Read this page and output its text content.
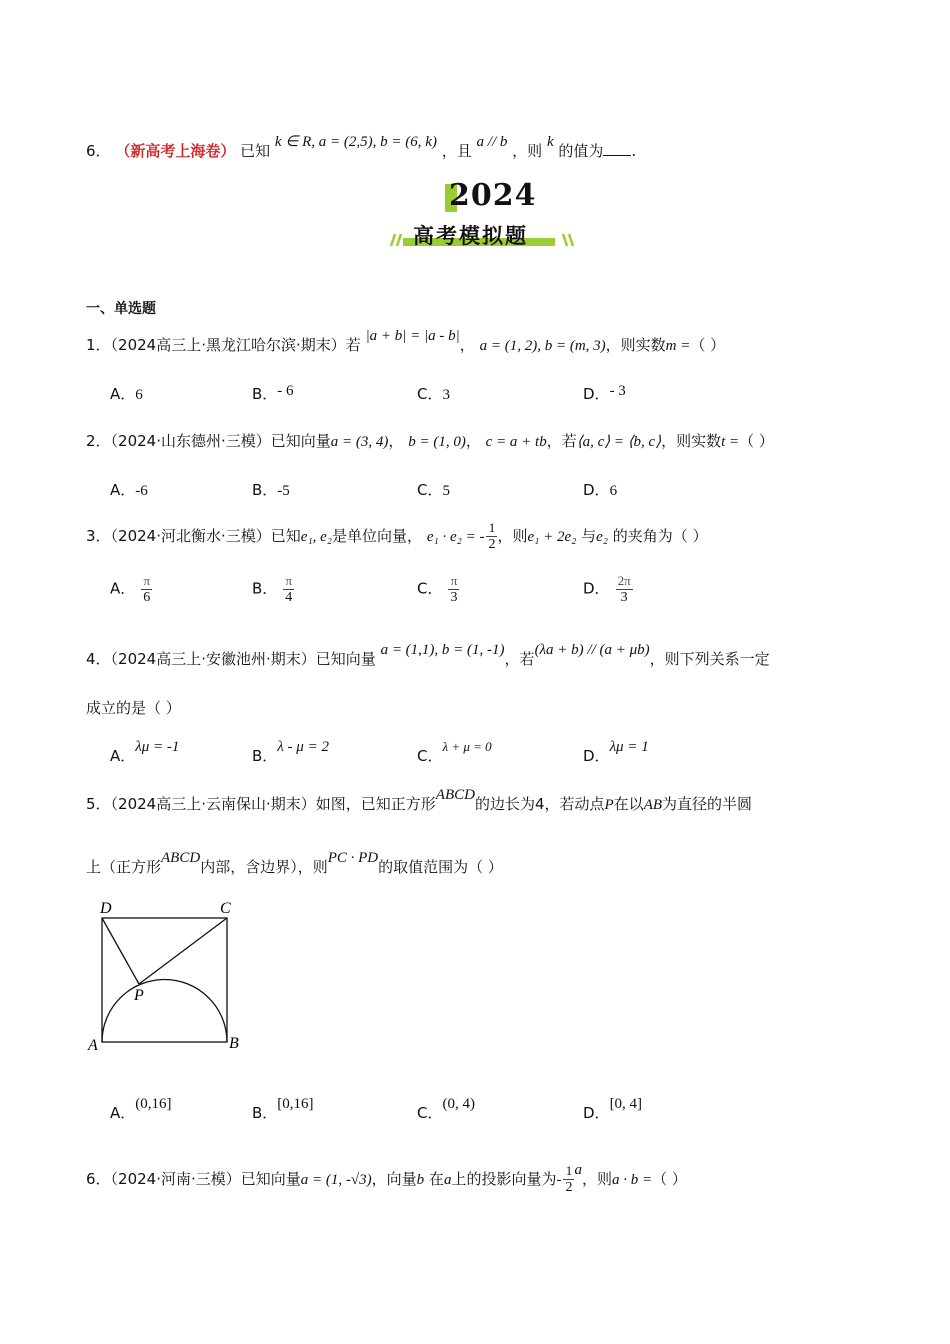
6． （新高考上海卷） 已知 k ∈ R, a = (2,5), b = (6, k) ，且 a // b ，则 k 的值为 .
2024
高考模拟题
一、单选题
1．（2024高三上·黑龙江哈尔滨·期末）若 |a + b| = |a - b|， a = (1, 2), b = (m, 3)，则实数m =（ ）
A．6	B．- 6	C．3	D．- 3
2．（2024·山东德州·三模）已知向量a = (3, 4)， b = (1, 0)， c = a + tb，若⟨a, c⟩ = ⟨b, c⟩，则实数t =（ ）
A．-6	B．-5	C．5	D．6
3．（2024·河北衡水·三模）已知e₁, e₂是单位向量， e₁ · e₂ = - $\frac{1}{2}$ ，则e₁ + 2e₂ 与e₂ 的夹角为（ ）
A． $\frac{\pi}{6}$	B． $\frac{\pi}{4}$	C． $\frac{\pi}{3}$	D． $\frac{2\pi}{3}$
4．（2024高三上·安徽池州·期末）已知向量 a = (1,1), b = (1, -1)，若(λa + b) // (a + μb)，则下列关系一定
成立的是（ ）
A．λμ = -1	B．λ - μ = 2	C．λ + μ = 0
D．λμ = 1
5．（2024高三上·云南保山·期末）如图，已知正方形ABCD的边长为4，若动点P在以AB为直径的半圆
上（正方形ABCD内部，含边界），则PC · PD的取值范围为（ ）
D	C
P
A	B
A．(0,16]	B．[0,16]	C．(0, 4)	D．[0, 4]
6．（2024·河南·三模）已知向量a = (1, -√3)，向量b 在a上的投影向量为- $\frac{1}{2}$ a，则a · b =（ ）
